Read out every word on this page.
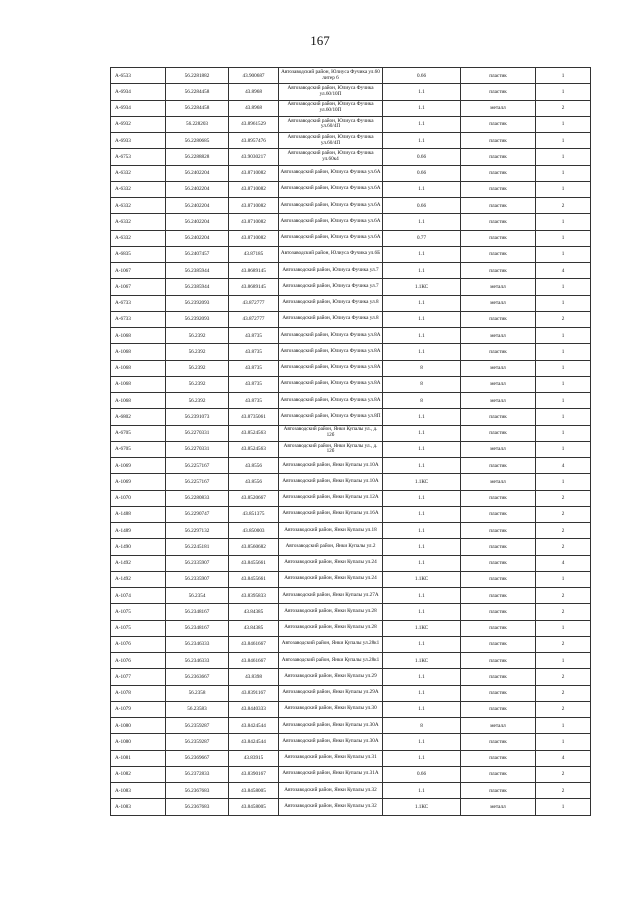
167
А-6533	56.2281882	43.900687	Автозаводский район, Юлиуса Фучика ул.60 литер 6	0.66	пластик	1
А-6934	56.2284458	43.8968	Автозаводский район, Юлиуса Фучика ул.60/10П	1.1	пластик	1
А-6934	56.2284458	43.8968	Автозаводский район, Юлиуса Фучика ул.60/10П	1.1	металл	2
А-6932	56.228203	43.8961529	Автозаводский район, Юлиуса Фучика ул.60/4П	1.1	пластик	1
А-6933	56.2280685	43.8957476	Автозаводский район, Юлиуса Фучика ул.60/4П	1.1	пластик	1
А-6753	56.2288828	43.9030217	Автозаводский район, Юлиуса Фучика ул.60к4	0.66	пластик	1
А-6332	56.2402204	43.8710082	Автозаводский район, Юлиуса Фучика ул.6А	0.66	пластик	1
А-6332	56.2402204	43.8710082	Автозаводский район, Юлиуса Фучика ул.6А	1.1	пластик	1
А-6332	56.2402204	43.8710082	Автозаводский район, Юлиуса Фучика ул.6А	0.66	пластик	2
А-6332	56.2402204	43.8710082	Автозаводский район, Юлиуса Фучика ул.6А	1.1	пластик	1
А-6332	56.2402204	43.8710082	Автозаводский район, Юлиуса Фучика ул.6А	0.77	пластик	1
А-6835	56.2407457	43.87185	Автозаводский район, Юлиуса Фучика ул.6Б	1.1	пластик	1
А-1067	56.2385944	43.8689145	Автозаводский район, Юлиуса Фучика ул.7	1.1	пластик	4
А-1067	56.2385944	43.8689145	Автозаводский район, Юлиуса Фучика ул.7	1.1КС	металл	1
А-6733	56.2392093	43.872777	Автозаводский район, Юлиуса Фучика ул.8	1.1	металл	1
А-6733	56.2392093	43.872777	Автозаводский район, Юлиуса Фучика ул.8	1.1	пластик	2
А-1068	56.2392	43.8735	Автозаводский район, Юлиуса Фучика ул.8А	1.1	металл	1
А-1068	56.2392	43.8735	Автозаводский район, Юлиуса Фучика ул.8А	1.1	пластик	1
А-1068	56.2392	43.8735	Автозаводский район, Юлиуса Фучика ул.8А	8	металл	1
А-1068	56.2392	43.8735	Автозаводский район, Юлиуса Фучика ул.8А	8	металл	1
А-1068	56.2392	43.8735	Автозаводский район, Юлиуса Фучика ул.8А	8	металл	1
А-6802	56.2391073	43.8735061	Автозаводский район, Юлиуса Фучика ул.8П	1.1	пластик	1
А-6705	56.2270331	43.8524563	Автозаводский район, Янки Купалы ул., д. 12б	1.1	пластик	1
А-6705	56.2270331	43.8524563	Автозаводский район, Янки Купалы ул., д. 12б	1.1	металл	1
А-1069	56.2257167	43.8556	Автозаводский район, Янки Купалы ул.10А	1.1	пластик	4
А-1069	56.2257167	43.8556	Автозаводский район, Янки Купалы ул.10А	1.1КС	металл	1
А-1070	56.2280833	43.8520667	Автозаводский район, Янки Купалы ул.12А	1.1	пластик	2
А-1488	56.2290747	43.851375	Автозаводский район, Янки Купалы ул.16А	1.1	пластик	2
А-1489	56.2297132	43.850003	Автозаводский район, Янки Купалы ул.18	1.1	пластик	2
А-1490	56.2245181	43.8560682	Автозаводский район, Янки Купалы ул.2	1.1	пластик	2
А-1492	56.2335907	43.8455661	Автозаводский район, Янки Купалы ул.24	1.1	пластик	4
А-1492	56.2335907	43.8455661	Автозаводский район, Янки Купалы ул.24	1.1КС	пластик	1
А-1074	56.2354	43.8395833	Автозаводский район, Янки Купалы ул.27А	1.1	пластик	2
А-1075	56.2348167	43.84385	Автозаводский район, Янки Купалы ул.28	1.1	пластик	2
А-1075	56.2348167	43.84385	Автозаводский район, Янки Купалы ул.28	1.1КС	пластик	1
А-1076	56.2346333	43.8461667	Автозаводский район, Янки Купалы ул.28к1	1.1	пластик	2
А-1076	56.2346333	43.8461667	Автозаводский район, Янки Купалы ул.28к1	1.1КС	пластик	1
А-1077	56.2363667	43.8398	Автозаводский район, Янки Купалы ул.29	1.1	пластик	2
А-1078	56.2358	43.8391167	Автозаводский район, Янки Купалы ул.29А	1.1	пластик	2
А-1079	56.23583	43.8440333	Автозаводский район, Янки Купалы ул.30	1.1	пластик	2
А-1080	56.2359287	43.8424544	Автозаводский район, Янки Купалы ул.30А	8	металл	1
А-1080	56.2359287	43.8424544	Автозаводский район, Янки Купалы ул.30А	1.1	пластик	1
А-1081	56.2369667	43.83915	Автозаводский район, Янки Купалы ул.31	1.1	пластик	4
А-1082	56.2372833	43.8390167	Автозаводский район, Янки Купалы ул.31А	0.66	пластик	2
А-1083	56.2367683	43.8458005	Автозаводский район, Янки Купалы ул.32	1.1	пластик	2
А-1083	56.2367683	43.8458005	Автозаводский район, Янки Купалы ул.32	1.1КС	металл	1
